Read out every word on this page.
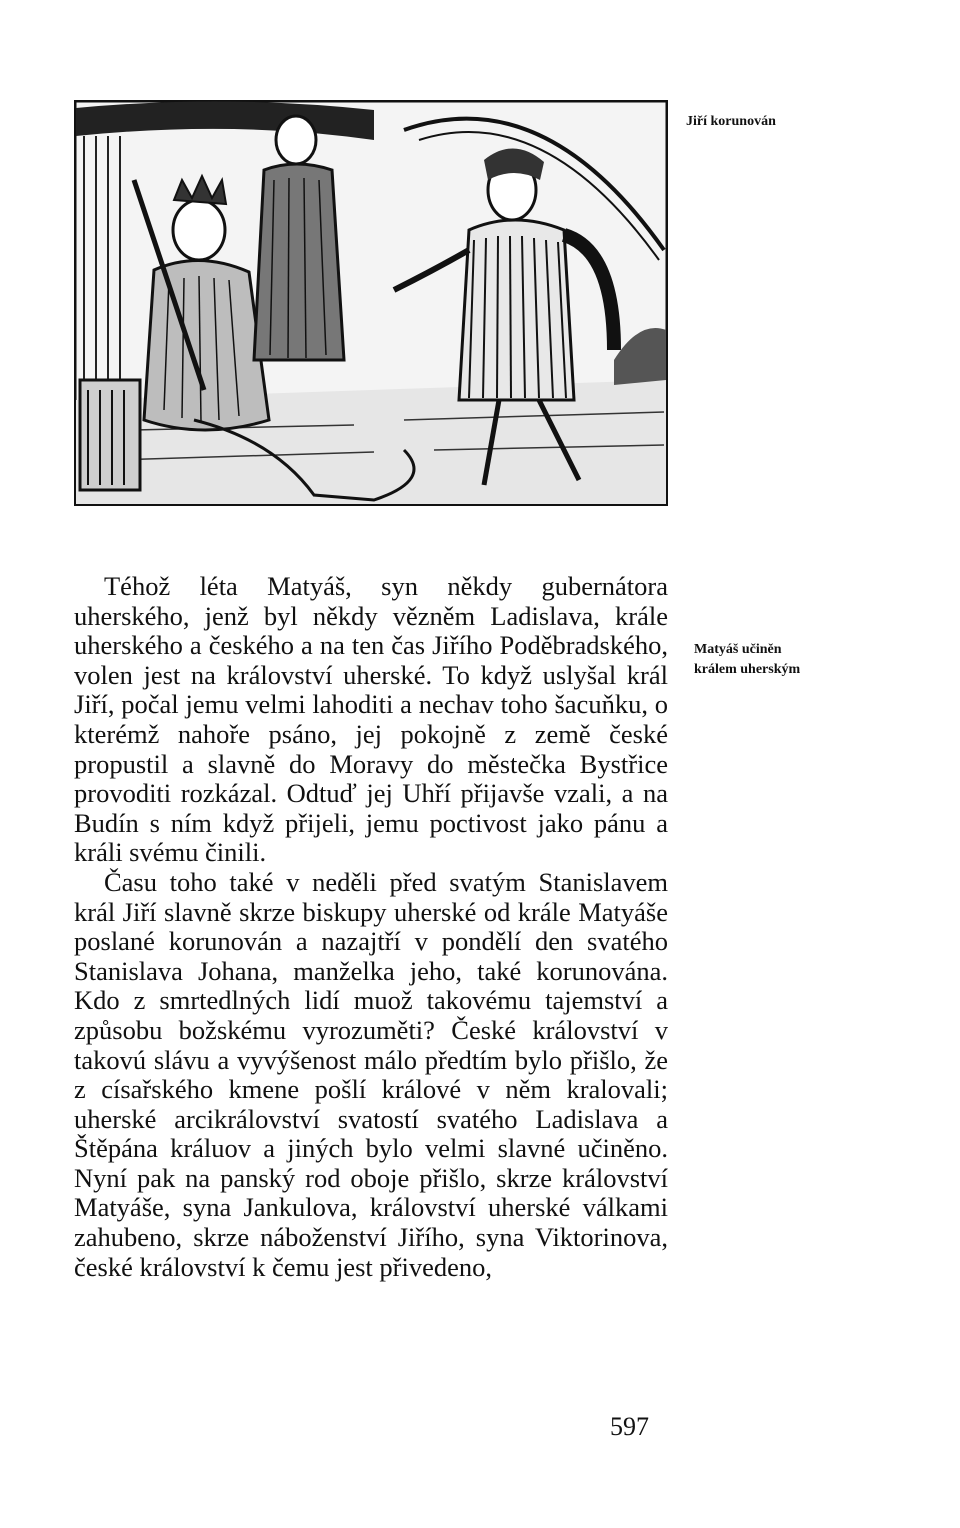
Jiří korunován
Matyáš učiněn
králem uherským

Téhož léta Matyáš, syn někdy gubernátora uherského, jenž byl někdy vězněm Ladislava, krále uherského a českého a na ten čas Jiřího Poděbradského, volen jest na království uherské. To když uslyšal král Jiří, počal jemu velmi lahoditi a nechav toho šacuňku, o kterémž nahoře psáno, jej pokojně z země české propustil a slavně do Moravy do městečka Bystřice provoditi rozkázal. Odtuď jej Uhří přijavše vzali, a na Budín s ním když přijeli, jemu poctivost jako pánu a králi svému činili.

Času toho také v neděli před svatým Stanislavem král Jiří slavně skrze biskupy uherské od krále Matyáše poslané korunován a nazajtří v pondělí den svatého Stanislava Johana, manželka jeho, také korunována. Kdo z smrtedlných lidí muož takovému tajemství a způsobu božskému vyrozuměti? České království v takovú slávu a vyvýšenost málo předtím bylo přišlo, že z císařského kmene pošlí králové v něm kralovali; uherské arcikrálovství svatostí svatého Ladislava a Štěpána králuov a jiných bylo velmi slavné učiněno. Nyní pak na panský rod oboje přišlo, skrze království Matyáše, syna Jankulova, království uherské válkami zahubeno, skrze náboženství Jiřího, syna Viktorinova, české království k čemu jest přivedeno,

597
